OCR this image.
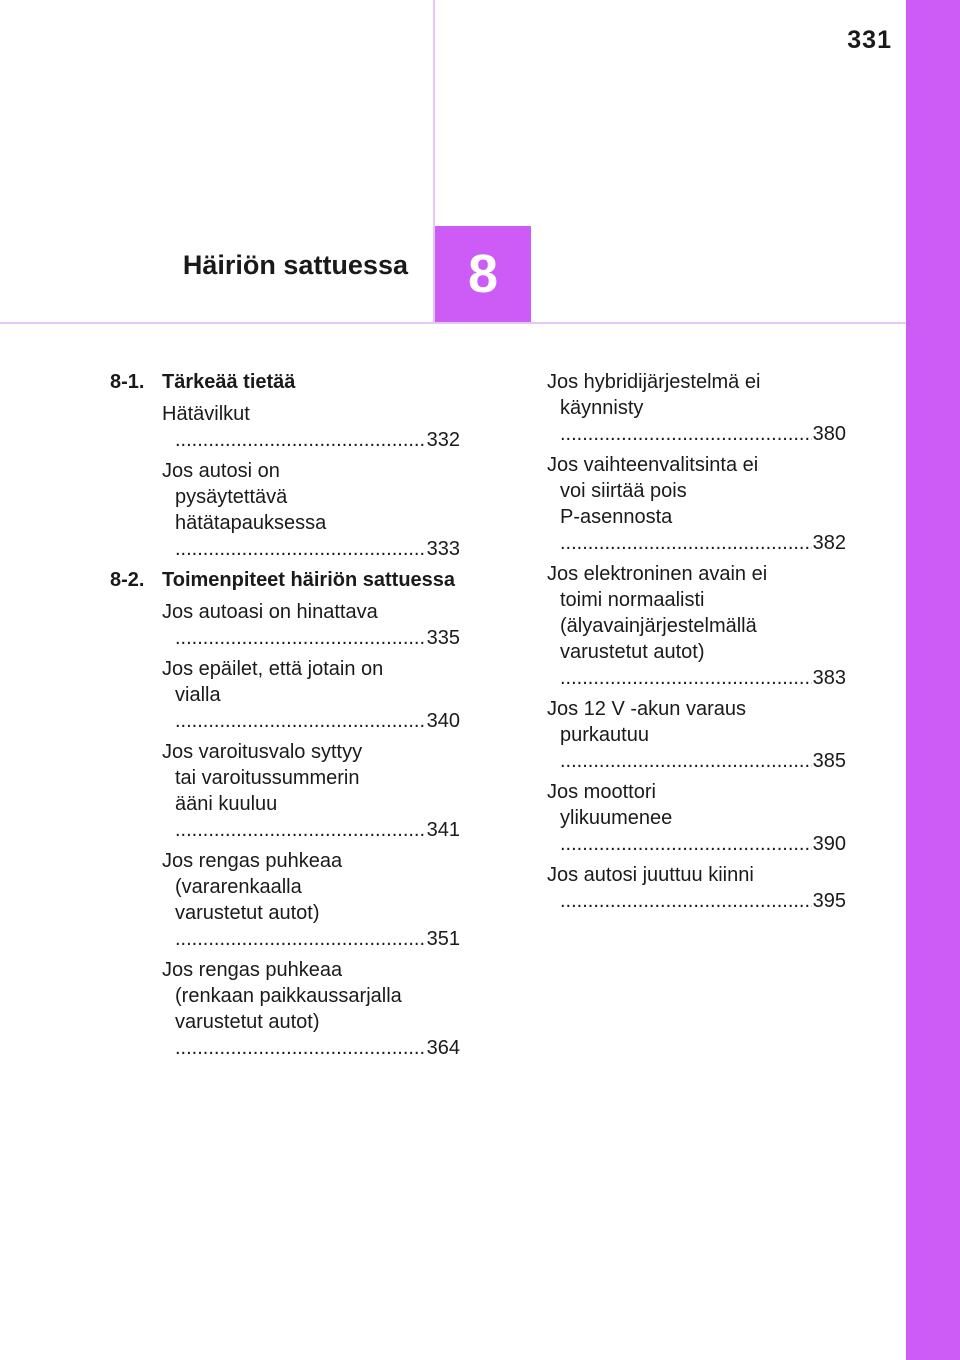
331
Häiriön sattuessa 8
8-1. Tärkeää tietää
Hätävilkut .....
332
Jos autosi on
pysäytettävä
hätätapauksessa .....
333
8-2. Toimenpiteet häiriön sattuessa
Jos autoasi on hinattava .....
335
Jos epäilet, että jotain on
vialla .....
340
Jos varoitusvalo syttyy
tai varoitussummerin
ääni kuuluu .....
341
Jos rengas puhkeaa
(vararenkaalla
varustetut autot) .....
351
Jos rengas puhkeaa
(renkaan paikkaussarjalla
varustetut autot) .....
364
Jos hybridijärjestelmä ei
käynnisty .....
380
Jos vaihteenvalitsinta ei
voi siirtää pois
P-asennosta .....
382
Jos elektroninen avain ei
toimi normaalisti
(älyavainjärjestelmällä
varustetut autot) .....
383
Jos 12 V -akun varaus
purkautuu .....
385
Jos moottori
ylikuumenee .....
390
Jos autosi juuttuu kiinni .....
395
